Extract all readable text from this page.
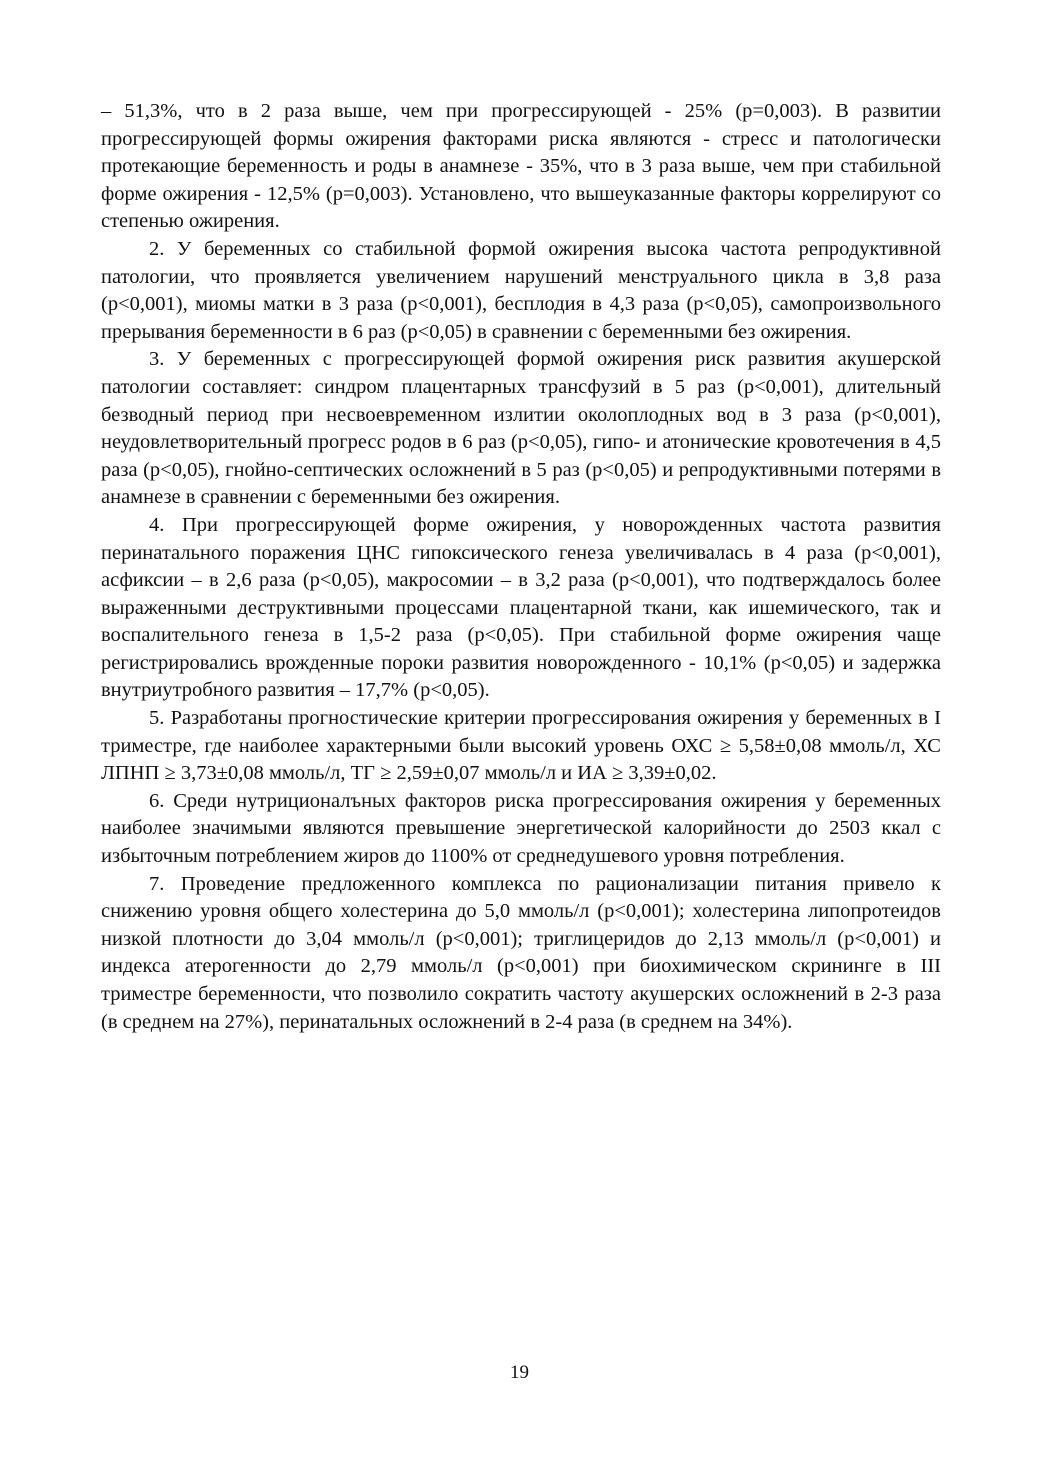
– 51,3%, что в 2 раза выше, чем при прогрессирующей - 25% (p=0,003). В развитии прогрессирующей формы ожирения факторами риска являются - стресс и патологически протекающие беременность и роды в анамнезе - 35%, что в 3 раза выше, чем при стабильной форме ожирения - 12,5% (p=0,003). Установлено, что вышеуказанные факторы коррелируют со степенью ожирения.

2. У беременных со стабильной формой ожирения высока частота репродуктивной патологии, что проявляется увеличением нарушений менструального цикла в 3,8 раза (p<0,001), миомы матки в 3 раза (p<0,001), бесплодия в 4,3 раза (p<0,05), самопроизвольного прерывания беременности в 6 раз (p<0,05) в сравнении с беременными без ожирения.

3. У беременных с прогрессирующей формой ожирения риск развития акушерской патологии составляет: синдром плацентарных трансфузий в 5 раз (p<0,001), длительный безводный период при несвоевременном излитии околоплодных вод в 3 раза (p<0,001), неудовлетворительный прогресс родов в 6 раз (p<0,05), гипо- и атонические кровотечения в 4,5 раза (p<0,05), гнойно-септических осложнений в 5 раз (p<0,05) и репродуктивными потерями в анамнезе в сравнении с беременными без ожирения.

4. При прогрессирующей форме ожирения, у новорожденных частота развития перинатального поражения ЦНС гипоксического генеза увеличивалась в 4 раза (p<0,001), асфиксии – в 2,6 раза (p<0,05), макросомии – в 3,2 раза (p<0,001), что подтверждалось более выраженными деструктивными процессами плацентарной ткани, как ишемического, так и воспалительного генеза в 1,5-2 раза (p<0,05). При стабильной форме ожирения чаще регистрировались врожденные пороки развития новорожденного - 10,1% (p<0,05) и задержка внутриутробного развития – 17,7% (p<0,05).

5. Разработаны прогностические критерии прогрессирования ожирения у беременных в I триместре, где наиболее характерными были высокий уровень ОХС ≥ 5,58±0,08 ммоль/л, ХС ЛПНП ≥ 3,73±0,08 ммоль/л, ТГ ≥ 2,59±0,07 ммоль/л и ИА ≥ 3,39±0,02.

6. Среди нутриционалъных факторов риска прогрессирования ожирения у беременных наиболее значимыми являются превышение энергетической калорийности до 2503 ккал с избыточным потреблением жиров до 1100% от среднедушевого уровня потребления.

7. Проведение предложенного комплекса по рационализации питания привело к снижению уровня общего холестерина до 5,0 ммоль/л (p<0,001); холестерина липопротеидов низкой плотности до 3,04 ммоль/л (p<0,001); триглицеридов до 2,13 ммоль/л (p<0,001) и индекса атерогенности до 2,79 ммоль/л (p<0,001) при биохимическом скрининге в III триместре беременности, что позволило сократить частоту акушерских осложнений в 2-3 раза (в среднем на 27%), перинатальных осложнений в 2-4 раза (в среднем на 34%).

19
